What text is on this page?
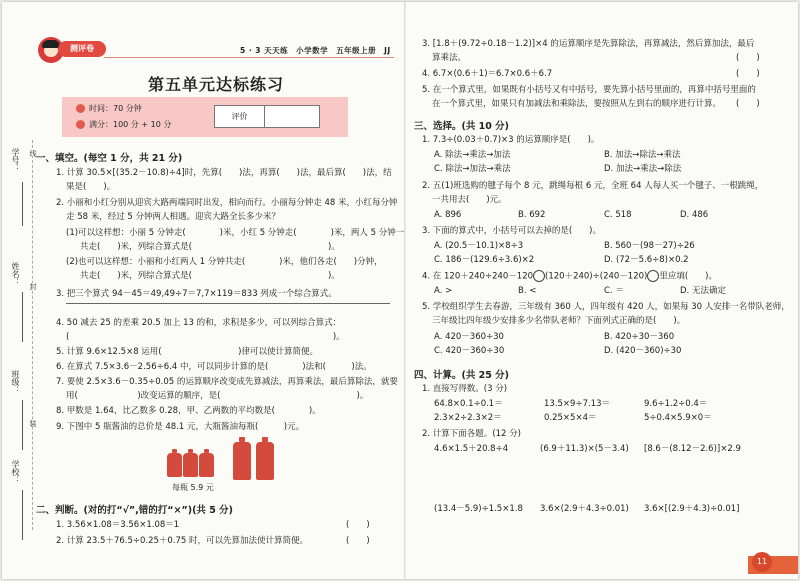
学号：
姓名：
班级：
学校：
线
封
装
测评卷	5 · 3 天天练　小学数学　五年级上册　JJ
第五单元达标练习
时间：70 分钟
满分：100 分 + 10 分
评价
一、填空。(每空 1 分，共 21 分)
1. 计算 30.5×[(35.2－10.8)÷4]时，先算(　　)法，再算(　　)法，最后算(　　)法，结
果是(　　)。
2. 小丽和小红分别从迎宾大路两端同时出发，相向而行。小丽每分钟走 48 米，小红每分钟
走 58 米，经过 5 分钟两人相遇。迎宾大路全长多少米？
(1)可以这样想：小丽 5 分钟走(　　　　)米，小红 5 分钟走(　　　　)米，两人 5 分钟一
共走(　　)米，列综合算式是(　　　　　　　　　　　　　　　　)。
(2)也可以这样想：小丽和小红两人 1 分钟共走(　　　　)米，他们各走(　　)分钟，
共走(　　)米，列综合算式是(　　　　　　　　　　　　　　　　)。
3. 把三个算式 94－45＝49,49÷7＝7,7×119＝833 列成一个综合算式。
4. 50 减去 25 的差乘 20.5 加上 13 的和，求积是多少，可以列综合算式：
(　　　　　　　　　　　　　　　　　　　　　　　　　　　　　　　)。
5. 计算 9.6×12.5×8 运用(　　　　　　　　　)律可以使计算简便。
6. 在算式 7.5×3.6－2.56÷6.4 中，可以同步计算的是(　　　　)法和(　　　)法。
7. 要使 2.5×3.6－0.35÷0.05 的运算顺序改变成先算减法，再算乘法，最后算除法，就要
用(　　　　　　　)改变运算的顺序，是(　　　　　　　　　　　　　　　　)。
8. 甲数是 1.64，比乙数多 0.28，甲、乙两数的平均数是(　　　　)。
9. 下图中 5 瓶酱油的总价是 48.1 元，大瓶酱油每瓶(　　　)元。
每瓶 5.9 元
二、判断。(对的打“√”,错的打“×”)(共 5 分)
1. 3.56×1.08＝3.56×1.08＝1	(　　)
2. 计算 23.5＋76.5÷0.25＋0.75 时，可以先算加法使计算简便。	(　　)
3. [1.8＋(9.72÷0.18－1.2)]×4 的运算顺序是先算除法，再算减法，然后算加法，最后
算乘法。	(　　)
4. 6.7×(0.6＋1)＝6.7×0.6＋6.7	(　　)
5. 在一个算式里，如果既有小括号又有中括号，要先算小括号里面的，再算中括号里面的
在一个算式里，如果只有加减法和乘除法，要按照从左到右的顺序进行计算。 (　　)
三、选择。(共 10 分)
1. 7.3÷(0.03＋0.7)×3 的运算顺序是(　　)。
A. 除法→乘法→加法	B. 加法→除法→乘法
C. 除法→加法→乘法	D. 加法→乘法→除法
2. 五(1)班选购的毽子每个 8 元，跳绳每根 6 元，全班 64 人每人买一个毽子、一根跳绳，
一共用去(　　)元。
A. 896	B. 692	C. 518	D. 486
3. 下面的算式中，小括号可以去掉的是(　　)。
A. (20.5－10.1)×8÷3	B. 560－(98－27)÷26
C. 186－(129.6÷3.6)×2	D. (72－5.6÷8)×0.2
4. 在 120＋240÷240－120 (120＋240)÷(240－120) 里应填(　　)。
A. >	B. <	C. ＝	D. 无法确定
5. 学校组织学生去春游，三年级有 360 人，四年级有 420 人，如果每 30 人安排一名带队老师，
三年级比四年级少安排多少名带队老师？下面列式正确的是(　　)。
A. 420－360÷30	B. 420÷30－360
C. 420－360÷30	D. (420－360)÷30
四、计算。(共 25 分)
1. 直接写得数。(3 分)
64.8×0.1÷0.1＝	13.5×9÷7.13＝	9.6÷1.2÷0.4＝
2.3×2÷2.3×2＝	0.25×5×4＝	5÷0.4×5.9×0＝
2. 计算下面各题。(12 分)
4.6×1.5＋20.8÷4	(6.9＋11.3)×(5－3.4) [8.6－(8.12－2.6)]×2.9
(13.4－5.9)÷1.5×1.8 3.6×(2.9＋4.3÷0.01) 3.6×[(2.9＋4.3)÷0.01]
11
